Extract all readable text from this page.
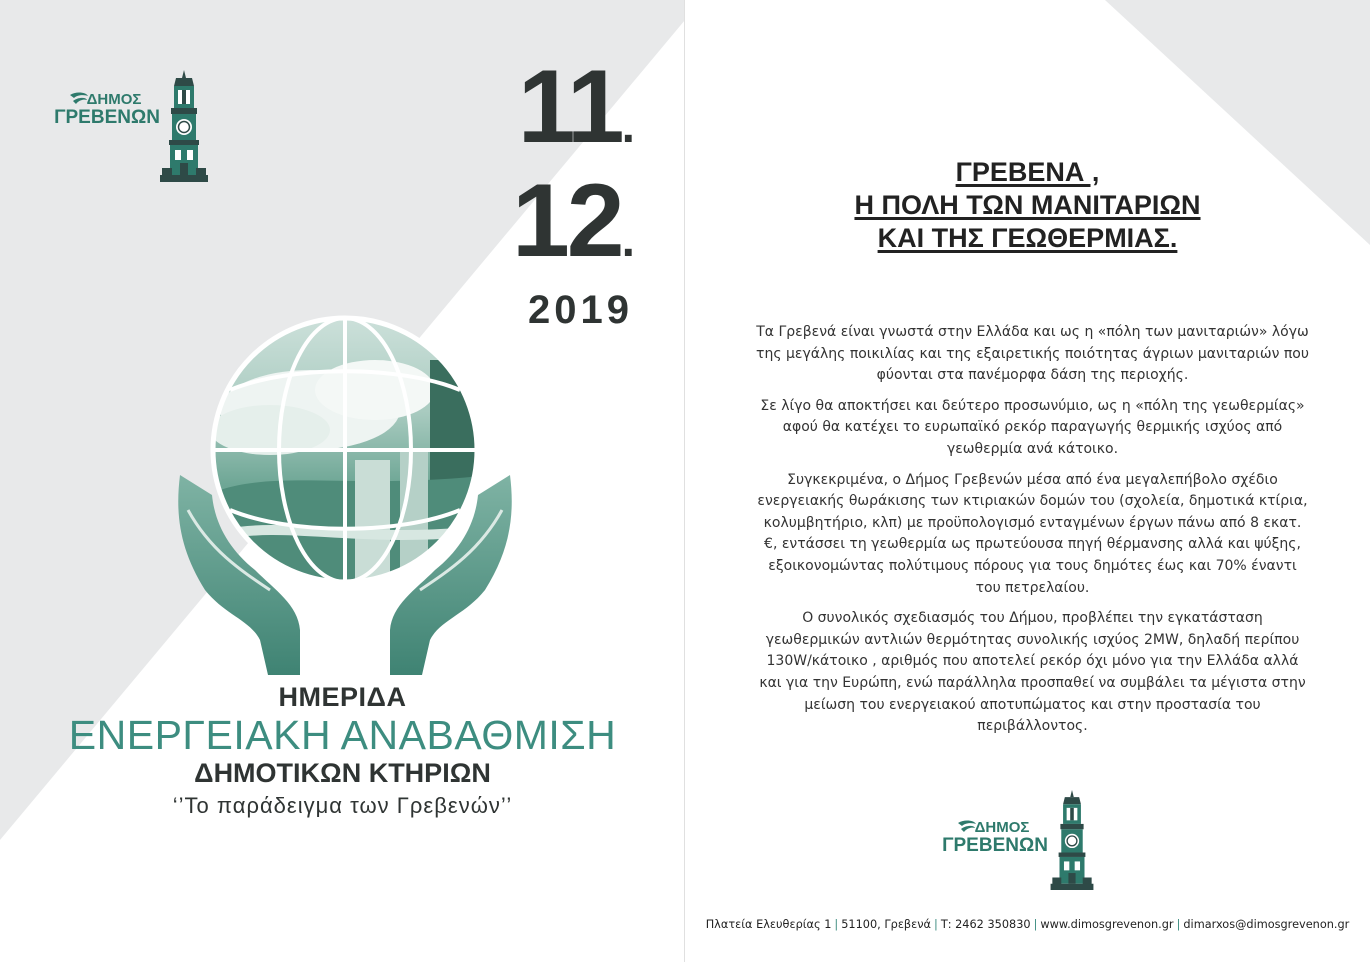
ΔΗΜΟΣ
ΓΡΕΒΕΝΩΝ	11.
12.
2019
ΗΜΕΡΙΔΑ
ΕΝΕΡΓΕΙΑΚΗ ΑΝΑΒΑΘΜΙΣΗ
ΔΗΜΟΤΙΚΩΝ ΚΤΗΡΙΩΝ
‘’Το παράδειγμα των Γρεβενών’’
ΓΡΕΒΕΝΑ ,
Η ΠΟΛΗ ΤΩΝ ΜΑΝΙΤΑΡΙΩΝ
ΚΑΙ ΤΗΣ ΓΕΩΘΕΡΜΙΑΣ.

Τα Γρεβενά είναι γνωστά στην Ελλάδα και ως η «πόλη των μανιταριών» λόγω της μεγάλης ποικιλίας και της εξαιρετικής ποιότητας άγριων μανιταριών που φύονται στα πανέμορφα δάση της περιοχής.

Σε λίγο θα αποκτήσει και δεύτερο προσωνύμιο, ως η «πόλη της γεωθερμίας» αφού θα κατέχει το ευρωπαϊκό ρεκόρ παραγωγής θερμικής ισχύος από γεωθερμία ανά κάτοικο.

Συγκεκριμένα, ο Δήμος Γρεβενών μέσα από ένα μεγαλεπήβολο σχέδιο ενεργειακής θωράκισης των κτιριακών δομών του (σχολεία, δημοτικά κτίρια, κολυμβητήριο, κλπ) με προϋπολογισμό ενταγμένων έργων πάνω από 8 εκατ. €, εντάσσει τη γεωθερμία ως πρωτεύουσα πηγή θέρμανσης αλλά και ψύξης, εξοικονομώντας πολύτιμους πόρους για τους δημότες έως και 70% έναντι του πετρελαίου.

Ο συνολικός σχεδιασμός του Δήμου, προβλέπει την εγκατάσταση γεωθερμικών αντλιών θερμότητας συνολικής ισχύος 2MW, δηλαδή περίπου 130W/κάτοικο , αριθμός που αποτελεί ρεκόρ όχι μόνο για την Ελλάδα αλλά και για την Ευρώπη, ενώ παράλληλα προσπαθεί να συμβάλει τα μέγιστα στην μείωση του ενεργειακού αποτυπώματος και στην προστασία του περιβάλλοντος.

ΔΗΜΟΣ
ΓΡΕΒΕΝΩΝ
Πλατεία Ελευθερίας 1 | 51100, Γρεβενά | Τ: 2462 350830 | www.dimosgrevenon.gr | dimarxos@dimosgrevenon.gr
